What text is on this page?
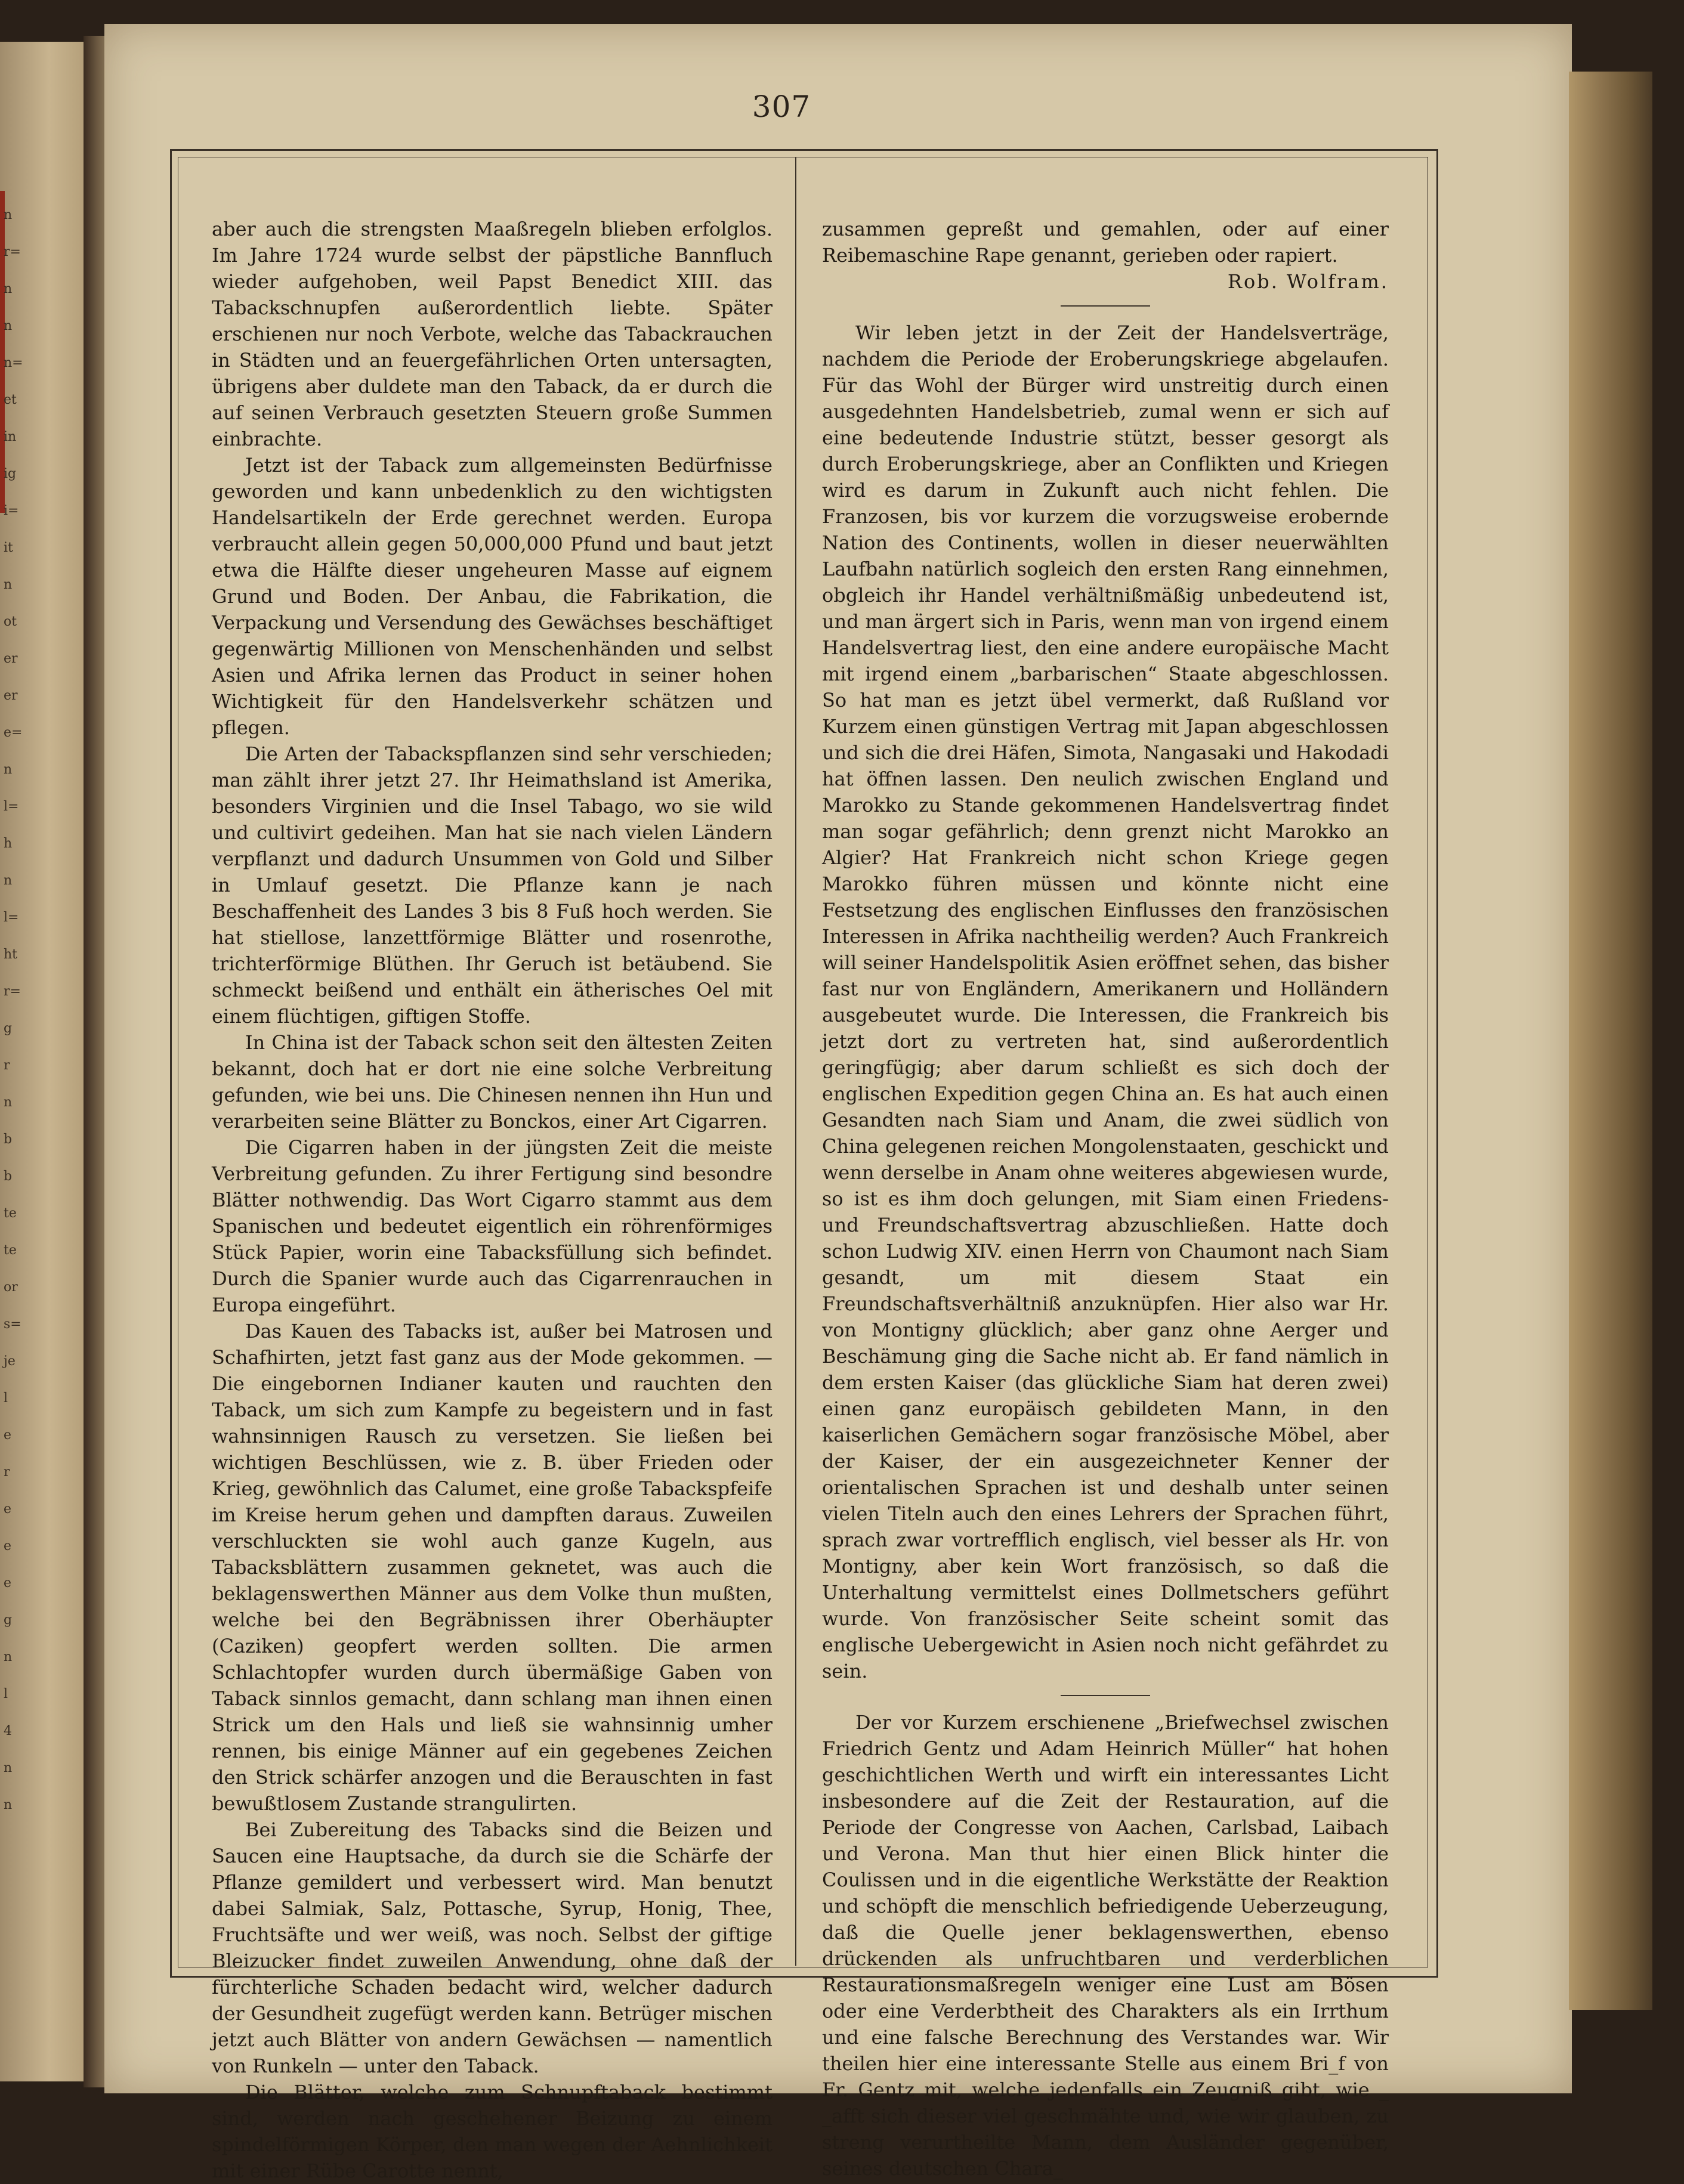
n
r=
n
n
n=
et
in
ig
i=
it
n
ot
er
er
e=
n
l=
h
n
l=
ht
r=
g
r
n
b
b
te
te
or
s=
je
l
e
r
e
e
e
g
n
l
4
n
n
307

aber auch die strengsten Maaßregeln blieben erfolglos. Im Jahre 1724 wurde selbst der päpstliche Bannfluch wieder aufgehoben, weil Papst Benedict XIII. das Tabackschnupfen außerordentlich liebte. Später erschienen nur noch Verbote, welche das Tabackrauchen in Städten und an feuergefährlichen Orten untersagten, übrigens aber duldete man den Taback, da er durch die auf seinen Verbrauch gesetzten Steuern große Summen einbrachte.

Jetzt ist der Taback zum allgemeinsten Bedürfnisse geworden und kann unbedenklich zu den wichtigsten Handelsartikeln der Erde gerechnet werden. Europa verbraucht allein gegen 50,000,000 Pfund und baut jetzt etwa die Hälfte dieser ungeheuren Masse auf eignem Grund und Boden. Der Anbau, die Fabrikation, die Verpackung und Versendung des Gewächses beschäftiget gegenwärtig Millionen von Menschenhänden und selbst Asien und Afrika lernen das Product in seiner hohen Wichtigkeit für den Handelsverkehr schätzen und pflegen.

Die Arten der Tabackspflanzen sind sehr verschieden; man zählt ihrer jetzt 27. Ihr Heimathsland ist Amerika, besonders Virginien und die Insel Tabago, wo sie wild und cultivirt gedeihen. Man hat sie nach vielen Ländern verpflanzt und dadurch Unsummen von Gold und Silber in Umlauf gesetzt. Die Pflanze kann je nach Beschaffenheit des Landes 3 bis 8 Fuß hoch werden. Sie hat stiellose, lanzettförmige Blätter und rosenrothe, trichterförmige Blüthen. Ihr Geruch ist betäubend. Sie schmeckt beißend und enthält ein ätherisches Oel mit einem flüchtigen, giftigen Stoffe.

In China ist der Taback schon seit den ältesten Zeiten bekannt, doch hat er dort nie eine solche Verbreitung gefunden, wie bei uns. Die Chinesen nennen ihn Hun und verarbeiten seine Blätter zu Bonckos, einer Art Cigarren.

Die Cigarren haben in der jüngsten Zeit die meiste Verbreitung gefunden. Zu ihrer Fertigung sind besondre Blätter nothwendig. Das Wort Cigarro stammt aus dem Spanischen und bedeutet eigentlich ein röhrenförmiges Stück Papier, worin eine Tabacksfüllung sich befindet. Durch die Spanier wurde auch das Cigarrenrauchen in Europa eingeführt.

Das Kauen des Tabacks ist, außer bei Matrosen und Schafhirten, jetzt fast ganz aus der Mode gekommen. — Die eingebornen Indianer kauten und rauchten den Taback, um sich zum Kampfe zu begeistern und in fast wahnsinnigen Rausch zu versetzen. Sie ließen bei wichtigen Beschlüssen, wie z. B. über Frieden oder Krieg, gewöhnlich das Calumet, eine große Tabackspfeife im Kreise herum gehen und dampften daraus. Zuweilen verschluckten sie wohl auch ganze Kugeln, aus Tabacksblättern zusammen geknetet, was auch die beklagenswerthen Männer aus dem Volke thun mußten, welche bei den Begräbnissen ihrer Oberhäupter (Caziken) geopfert werden sollten. Die armen Schlachtopfer wurden durch übermäßige Gaben von Taback sinnlos gemacht, dann schlang man ihnen einen Strick um den Hals und ließ sie wahnsinnig umher rennen, bis einige Männer auf ein gegebenes Zeichen den Strick schärfer anzogen und die Berauschten in fast bewußtlosem Zustande strangulirten.

Bei Zubereitung des Tabacks sind die Beizen und Saucen eine Hauptsache, da durch sie die Schärfe der Pflanze gemildert und verbessert wird. Man benutzt dabei Salmiak, Salz, Pottasche, Syrup, Honig, Thee, Fruchtsäfte und wer weiß, was noch. Selbst der giftige Bleizucker findet zuweilen Anwendung, ohne daß der fürchterliche Schaden bedacht wird, welcher dadurch der Gesundheit zugefügt werden kann. Betrüger mischen jetzt auch Blätter von andern Gewächsen — namentlich von Runkeln — unter den Taback.

Die Blätter, welche zum Schnupftaback bestimmt sind, werden nach geschehener Beizung zu einem spindelförmigen Körper, den man wegen der Aehnlichkeit mit einer Rübe Carotte nennt,

zusammen gepreßt und gemahlen, oder auf einer Reibemaschine Rape genannt, gerieben oder rapiert.

Rob. Wolfram.

Wir leben jetzt in der Zeit der Handelsverträge, nachdem die Periode der Eroberungskriege abgelaufen. Für das Wohl der Bürger wird unstreitig durch einen ausgedehnten Handelsbetrieb, zumal wenn er sich auf eine bedeutende Industrie stützt, besser gesorgt als durch Eroberungskriege, aber an Conflikten und Kriegen wird es darum in Zukunft auch nicht fehlen. Die Franzosen, bis vor kurzem die vorzugsweise erobernde Nation des Continents, wollen in dieser neuerwählten Laufbahn natürlich sogleich den ersten Rang einnehmen, obgleich ihr Handel verhältnißmäßig unbedeutend ist, und man ärgert sich in Paris, wenn man von irgend einem Handelsvertrag liest, den eine andere europäische Macht mit irgend einem „barbarischen“ Staate abgeschlossen. So hat man es jetzt übel vermerkt, daß Rußland vor Kurzem einen günstigen Vertrag mit Japan abgeschlossen und sich die drei Häfen, Simota, Nangasaki und Hakodadi hat öffnen lassen. Den neulich zwischen England und Marokko zu Stande gekommenen Handelsvertrag findet man sogar gefährlich; denn grenzt nicht Marokko an Algier? Hat Frankreich nicht schon Kriege gegen Marokko führen müssen und könnte nicht eine Festsetzung des englischen Einflusses den französischen Interessen in Afrika nachtheilig werden? Auch Frankreich will seiner Handelspolitik Asien eröffnet sehen, das bisher fast nur von Engländern, Amerikanern und Holländern ausgebeutet wurde. Die Interessen, die Frankreich bis jetzt dort zu vertreten hat, sind außerordentlich geringfügig; aber darum schließt es sich doch der englischen Expedition gegen China an. Es hat auch einen Gesandten nach Siam und Anam, die zwei südlich von China gelegenen reichen Mongolenstaaten, geschickt und wenn derselbe in Anam ohne weiteres abgewiesen wurde, so ist es ihm doch gelungen, mit Siam einen Friedens- und Freundschaftsvertrag abzuschließen. Hatte doch schon Ludwig XIV. einen Herrn von Chaumont nach Siam gesandt, um mit diesem Staat ein Freundschaftsverhältniß anzuknüpfen. Hier also war Hr. von Montigny glücklich; aber ganz ohne Aerger und Beschämung ging die Sache nicht ab. Er fand nämlich in dem ersten Kaiser (das glückliche Siam hat deren zwei) einen ganz europäisch gebildeten Mann, in den kaiserlichen Gemächern sogar französische Möbel, aber der Kaiser, der ein ausgezeichneter Kenner der orientalischen Sprachen ist und deshalb unter seinen vielen Titeln auch den eines Lehrers der Sprachen führt, sprach zwar vortrefflich englisch, viel besser als Hr. von Montigny, aber kein Wort französisch, so daß die Unterhaltung vermittelst eines Dollmetschers geführt wurde. Von französischer Seite scheint somit das englische Uebergewicht in Asien noch nicht gefährdet zu sein.

Der vor Kurzem erschienene „Briefwechsel zwischen Friedrich Gentz und Adam Heinrich Müller“ hat hohen geschichtlichen Werth und wirft ein interessantes Licht insbesondere auf die Zeit der Restauration, auf die Periode der Congresse von Aachen, Carlsbad, Laibach und Verona. Man thut hier einen Blick hinter die Coulissen und in die eigentliche Werkstätte der Reaktion und schöpft die menschlich befriedigende Ueberzeugung, daß die Quelle jener beklagenswerthen, ebenso drückenden als unfruchtbaren und verderblichen Restaurationsmaßregeln weniger eine Lust am Bösen oder eine Verderbtheit des Charakters als ein Irrthum und eine falsche Berechnung des Verstandes war. Wir theilen hier eine interessante Stelle aus einem Bri_f von Fr. Gentz mit, welche jedenfalls ein Zeugniß gibt, wie _ _afft sich dieser viel geschmähte und, wie wir glauben, zu streng verurtheilte Mann, dem Ausländer gegenüber, seines deutschen Chara_
